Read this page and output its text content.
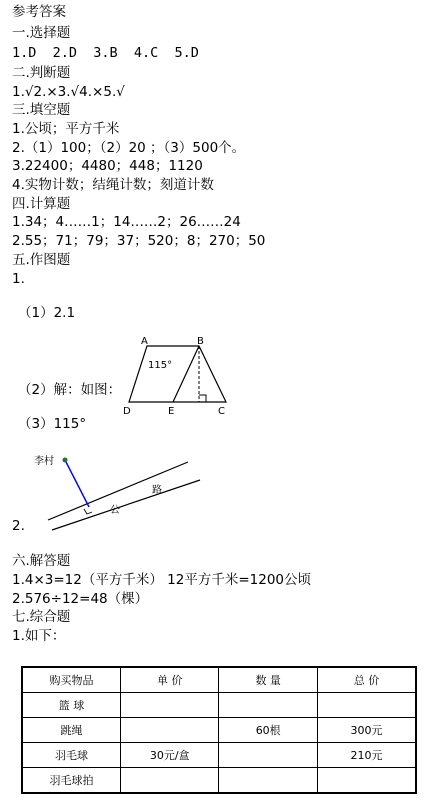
参考答案
一.选择题
1.D  2.D  3.B  4.C  5.D
二.判断题
1.√2.×3.√4.×5.√
三.填空题
1.公顷；平方千米
2.（1）100；（2）20 ；（3）500个。
3.22400；4480；448；1120
4.实物计数；结绳计数；刻道计数
四.计算题
1.34；4……1；14……2；26……24
2.55；71；79；37；520；8；270；50
五.作图题
1.
（1）2.1
（2）解：如图：
（3）115°
A	B
C
D	E
115°
李村
公
路
2.
六.解答题
1.4×3=12（平方千米） 12平方千米=1200公顷
2.576÷12=48（棵）
七.综合题
1.如下：
购买物品	单 价	数 量	总 价
篮 球			
跳绳		60根	300元
羽毛球	30元/盒		210元
羽毛球拍			
